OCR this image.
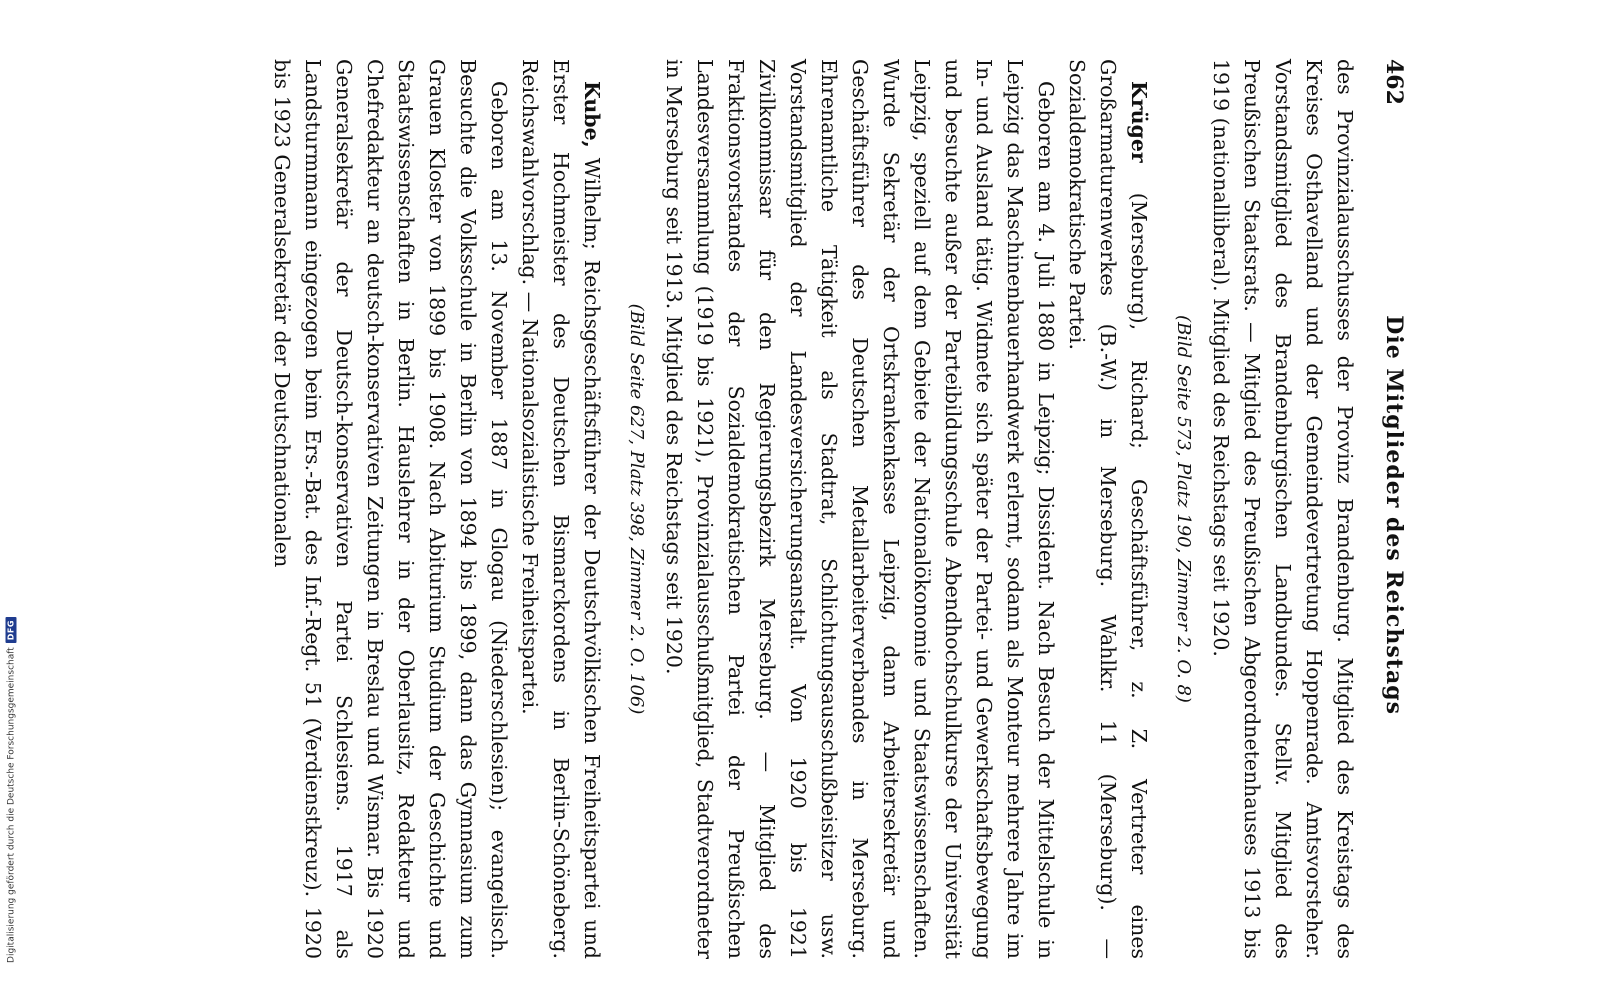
Digitalisierung gefördert durch die Deutsche Forschungsgemeinschaft
DFG
462
Die Mitglieder des Reichstags

des Provinzialausschusses der Provinz Brandenburg. Mitglied des Kreistags des Kreises Osthavelland und der Gemeindevertretung Hoppenrade. Amtsvorsteher. Vorstandsmitglied des Brandenburgischen Landbundes. Stellv. Mitglied des Preußischen Staatsrats. — Mitglied des Preußischen Abgeordnetenhauses 1913 bis 1919 (nationalliberal). Mitglied des Reichstags seit 1920.

(Bild Seite 573, Platz 190, Zimmer 2. O. 8)

Krüger (Merseburg), Richard; Geschäftsführer, z. Z. Vertreter eines Großarmaturenwerkes (B.-W.) in Merseburg. Wahlkr. 11 (Merseburg). — Sozialdemokratische Partei.

Geboren am 4. Juli 1880 in Leipzig; Dissident. Nach Besuch der Mittelschule in Leipzig das Maschinenbauerhandwerk erlernt, sodann als Monteur mehrere Jahre im In- und Ausland tätig. Widmete sich später der Partei- und Gewerkschaftsbewegung und besuchte außer der Parteibildungsschule Abendhochschulkurse der Universität Leipzig, speziell auf dem Gebiete der Nationalökonomie und Staatswissenschaften. Wurde Sekretär der Ortskrankenkasse Leipzig, dann Arbeitersekretär und Geschäftsführer des Deutschen Metallarbeiterverbandes in Merseburg. Ehrenamtliche Tätigkeit als Stadtrat, Schlichtungsausschußbeisitzer usw. Vorstandsmitglied der Landesversicherungsanstalt. Von 1920 bis 1921 Zivilkommissar für den Regierungsbezirk Merseburg. — Mitglied des Fraktionsvorstandes der Sozialdemokratischen Partei der Preußischen Landesversammlung (1919 bis 1921), Provinzialausschußmitglied, Stadtverordneter in Merseburg seit 1913. Mitglied des Reichstags seit 1920.

(Bild Seite 627, Platz 398, Zimmer 2. O. 106)

Kube, Wilhelm; Reichsgeschäftsführer der Deutschvölkischen Freiheitspartei und Erster Hochmeister des Deutschen Bismarckordens in Berlin-Schöneberg. Reichswahlvorschlag. — Nationalsozialistische Freiheitspartei.

Geboren am 13. November 1887 in Glogau (Niederschlesien); evangelisch. Besuchte die Volksschule in Berlin von 1894 bis 1899, dann das Gymnasium zum Grauen Kloster von 1899 bis 1908. Nach Abiturium Studium der Geschichte und Staatswissenschaften in Berlin. Hauslehrer in der Oberlausitz, Redakteur und Chefredakteur an deutsch-konservativen Zeitungen in Breslau und Wismar. Bis 1920 Generalsekretär der Deutsch-konservativen Partei Schlesiens. 1917 als Landsturmmann eingezogen beim Ers.-Bat. des Inf.-Regt. 51 (Verdienstkreuz). 1920 bis 1923 Generalsekretär der Deutschnationalen
